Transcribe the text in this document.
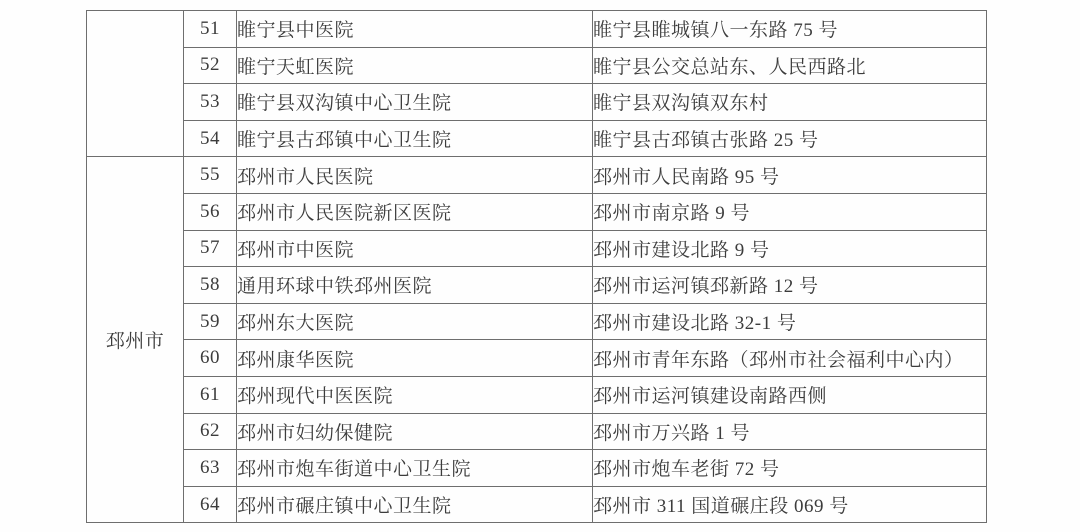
	51	睢宁县中医院	睢宁县睢城镇八一东路 75 号
	52	睢宁天虹医院	睢宁县公交总站东、人民西路北
	53	睢宁县双沟镇中心卫生院	睢宁县双沟镇双东村
	54	睢宁县古邳镇中心卫生院	睢宁县古邳镇古张路 25 号
邳州市	55	邳州市人民医院	邳州市人民南路 95 号
	56	邳州市人民医院新区医院	邳州市南京路 9 号
	57	邳州市中医院	邳州市建设北路 9 号
	58	通用环球中铁邳州医院	邳州市运河镇邳新路 12 号
	59	邳州东大医院	邳州市建设北路 32-1 号
	60	邳州康华医院	邳州市青年东路（邳州市社会福利中心内）
	61	邳州现代中医医院	邳州市运河镇建设南路西侧
	62	邳州市妇幼保健院	邳州市万兴路 1 号
	63	邳州市炮车街道中心卫生院	邳州市炮车老街 72 号
	64	邳州市碾庄镇中心卫生院	邳州市 311 国道碾庄段 069 号
